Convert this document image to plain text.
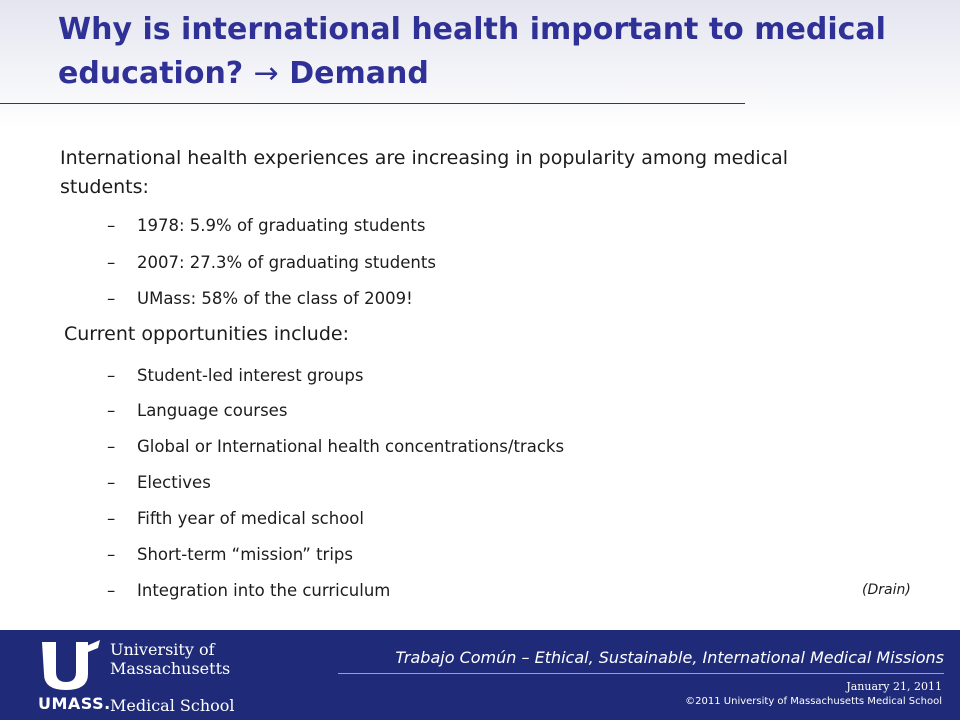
Why is international health important to medical
education? → Demand
International health experiences are increasing in popularity among medical students:
– 1978: 5.9% of graduating students
– 2007: 27.3% of graduating students
– UMass: 58% of the class of 2009!
Current opportunities include:
– Student-led interest groups
– Language courses
– Global or International health concentrations/tracks
– Electives
– Fifth year of medical school
– Short-term “mission” trips
– Integration into the curriculum	(Drain)
University of
Massachusetts
UMASS. Medical School
Trabajo Común – Ethical, Sustainable, International Medical Missions
January 21, 2011
©2011 University of Massachusetts Medical School
